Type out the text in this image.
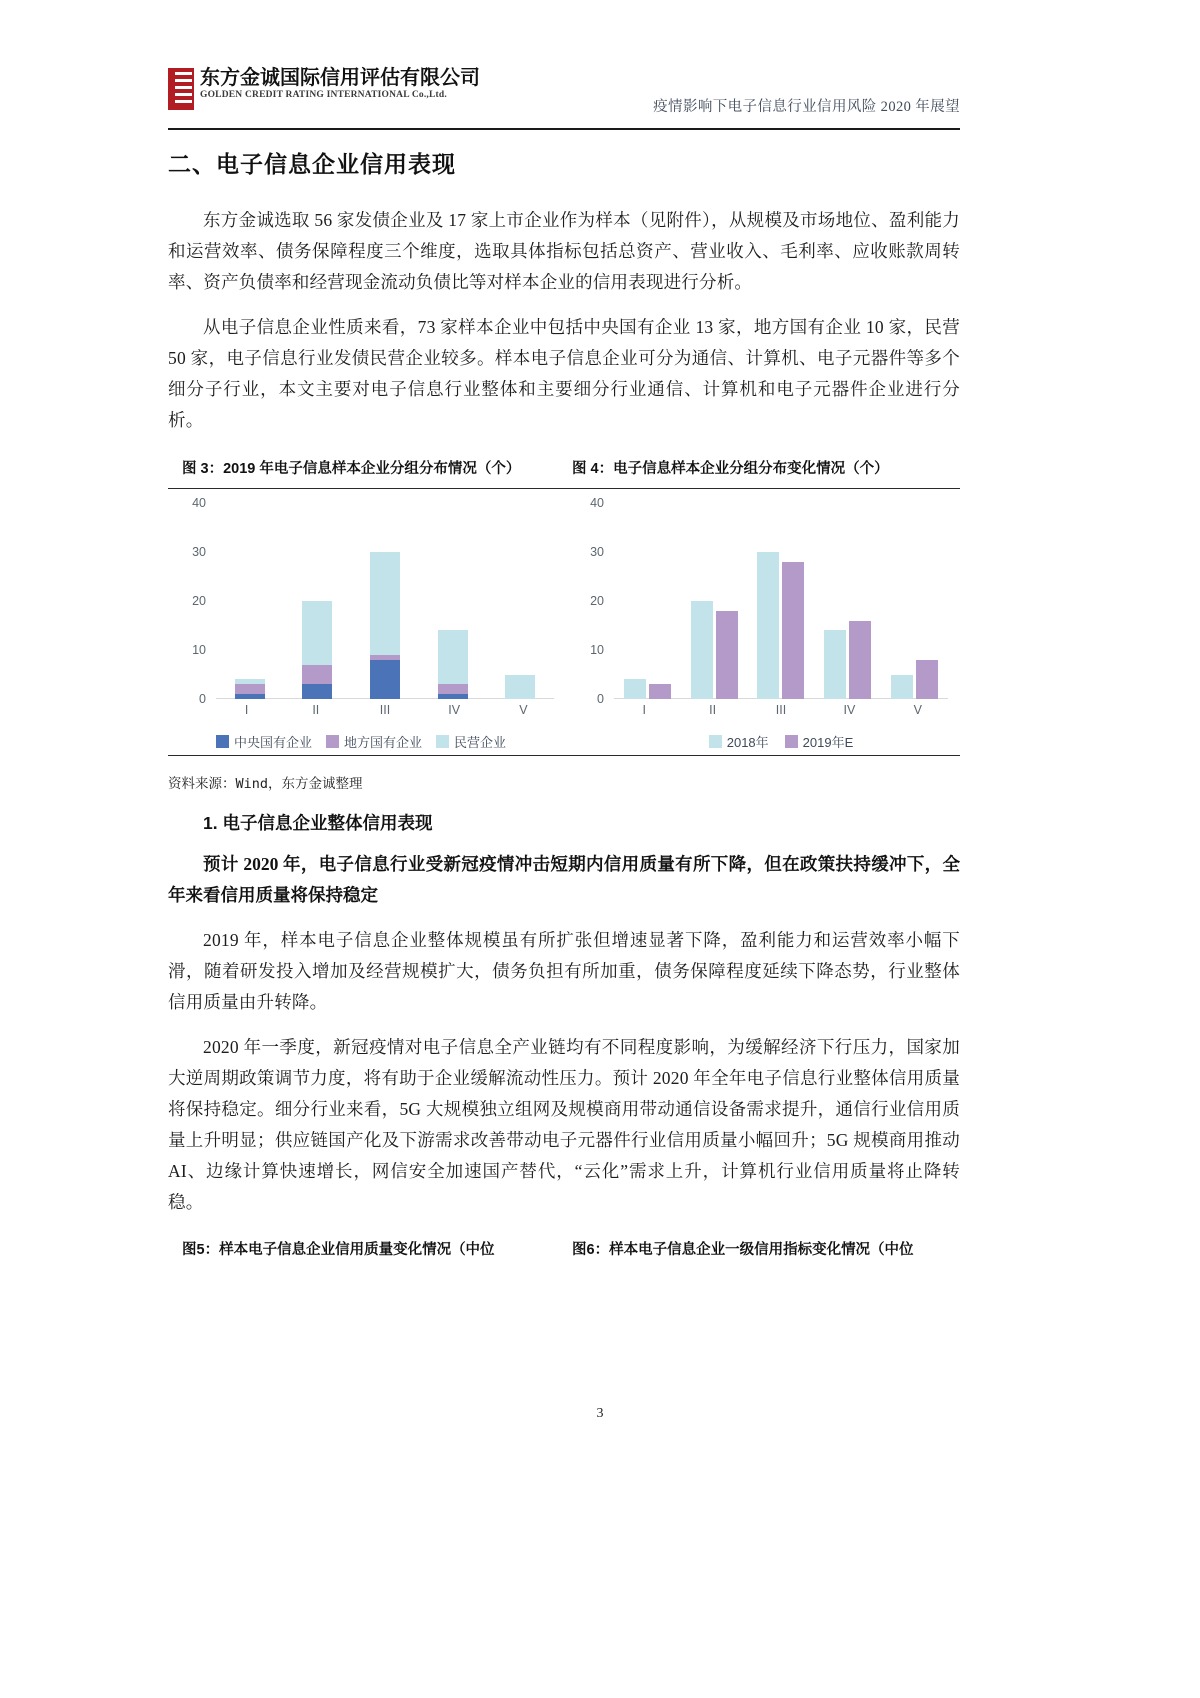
东方金诚国际信用评估有限公司
GOLDEN CREDIT RATING INTERNATIONAL Co.,Ltd.
疫情影响下电子信息行业信用风险 2020 年展望
二、电子信息企业信用表现

东方金诚选取 56 家发债企业及 17 家上市企业作为样本（见附件），从规模及市场地位、盈利能力和运营效率、债务保障程度三个维度，选取具体指标包括总资产、营业收入、毛利率、应收账款周转率、资产负债率和经营现金流动负债比等对样本企业的信用表现进行分析。

从电子信息企业性质来看，73 家样本企业中包括中央国有企业 13 家，地方国有企业 10 家，民营 50 家，电子信息行业发债民营企业较多。样本电子信息企业可分为通信、计算机、电子元器件等多个细分子行业，本文主要对电子信息行业整体和主要细分行业通信、计算机和电子元器件企业进行分析。

图 3：2019 年电子信息样本企业分组分布情况（个）	图 4：电子信息样本企业分组分布变化情况（个）
10
20
30
40
0
I	II	III	IV	V
中央国有企业 地方国有企业 民营企业
10
20
30
40
0
I	II	III	IV	V
2018年	2019年E
资料来源：Wind，东方金诚整理
1. 电子信息企业整体信用表现
预计 2020 年，电子信息行业受新冠疫情冲击短期内信用质量有所下降，但在政策扶持缓冲下，全年来看信用质量将保持稳定

2019 年，样本电子信息企业整体规模虽有所扩张但增速显著下降，盈利能力和运营效率小幅下滑，随着研发投入增加及经营规模扩大，债务负担有所加重，债务保障程度延续下降态势，行业整体信用质量由升转降。

2020 年一季度，新冠疫情对电子信息全产业链均有不同程度影响，为缓解经济下行压力，国家加大逆周期政策调节力度，将有助于企业缓解流动性压力。预计 2020 年全年电子信息行业整体信用质量将保持稳定。细分行业来看，5G 大规模独立组网及规模商用带动通信设备需求提升，通信行业信用质量上升明显；供应链国产化及下游需求改善带动电子元器件行业信用质量小幅回升；5G 规模商用推动 AI、边缘计算快速增长，网信安全加速国产替代，“云化”需求上升，计算机行业信用质量将止降转稳。

图5：样本电子信息企业信用质量变化情况（中位	图6：样本电子信息企业一级信用指标变化情况（中位
3
